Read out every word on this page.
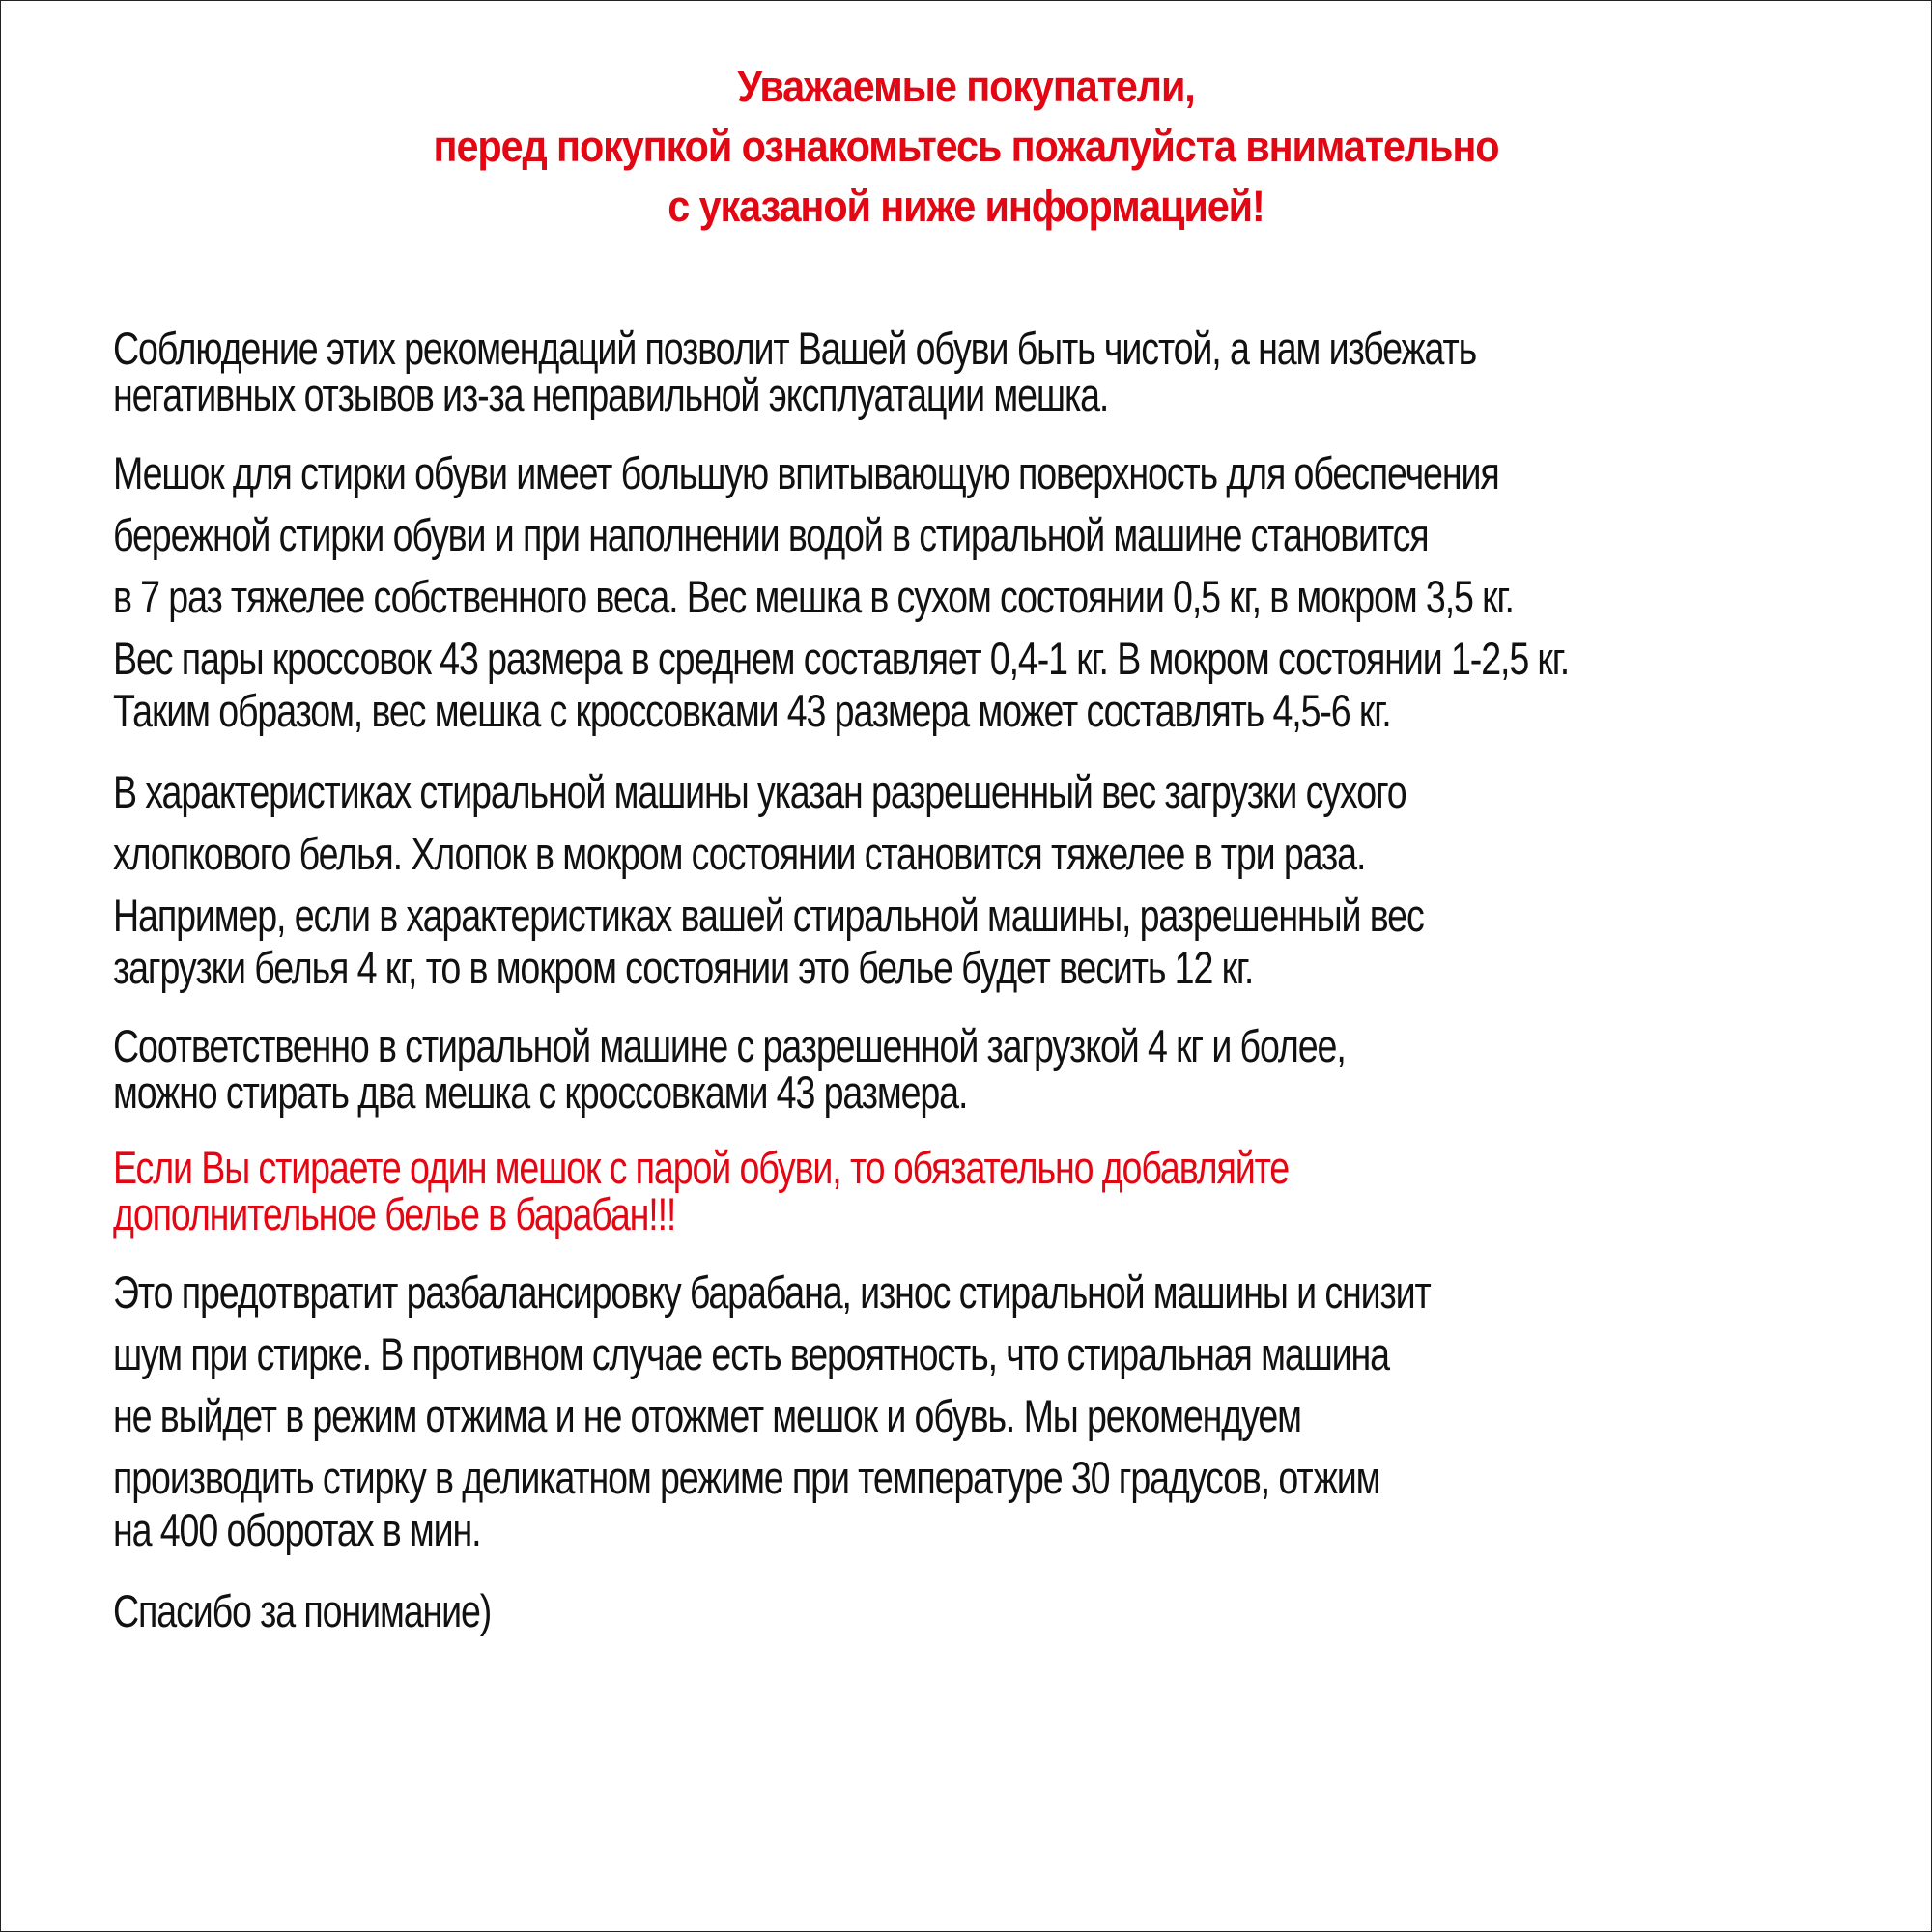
Уважаемые покупатели,
перед покупкой ознакомьтесь пожалуйста внимательно
с указаной ниже информацией!
Соблюдение этих рекомендаций позволит Вашей обуви быть чистой, а нам избежать
негативных отзывов из-за неправильной эксплуатации мешка.
Мешок для стирки обуви имеет большую впитывающую поверхность для обеспечения
бережной стирки обуви и при наполнении водой в стиральной машине становится
в 7 раз тяжелее собственного веса. Вес мешка в сухом состоянии 0,5 кг, в мокром 3,5 кг.
Вес пары кроссовок 43 размера в среднем составляет 0,4-1 кг. В мокром состоянии 1-2,5 кг.
Таким образом, вес мешка с кроссовками 43 размера может составлять 4,5-6 кг.
В характеристиках стиральной машины указан разрешенный вес загрузки сухого
хлопкового белья. Хлопок в мокром состоянии становится тяжелее в три раза.
Например, если в характеристиках вашей стиральной машины, разрешенный вес
загрузки белья 4 кг, то в мокром состоянии это белье будет весить 12 кг.
Соответственно в стиральной машине с разрешенной загрузкой 4 кг и более,
можно стирать два мешка с кроссовками 43 размера.
Если Вы стираете один мешок с парой обуви, то обязательно добавляйте
дополнительное белье в барабан!!!
Это предотвратит разбалансировку барабана, износ стиральной машины и снизит
шум при стирке. В противном случае есть вероятность, что стиральная машина
не выйдет в режим отжима и не отожмет мешок и обувь. Мы рекомендуем
производить стирку в деликатном режиме при температуре 30 градусов, отжим
на 400 оборотах в мин.
Спасибо за понимание)
